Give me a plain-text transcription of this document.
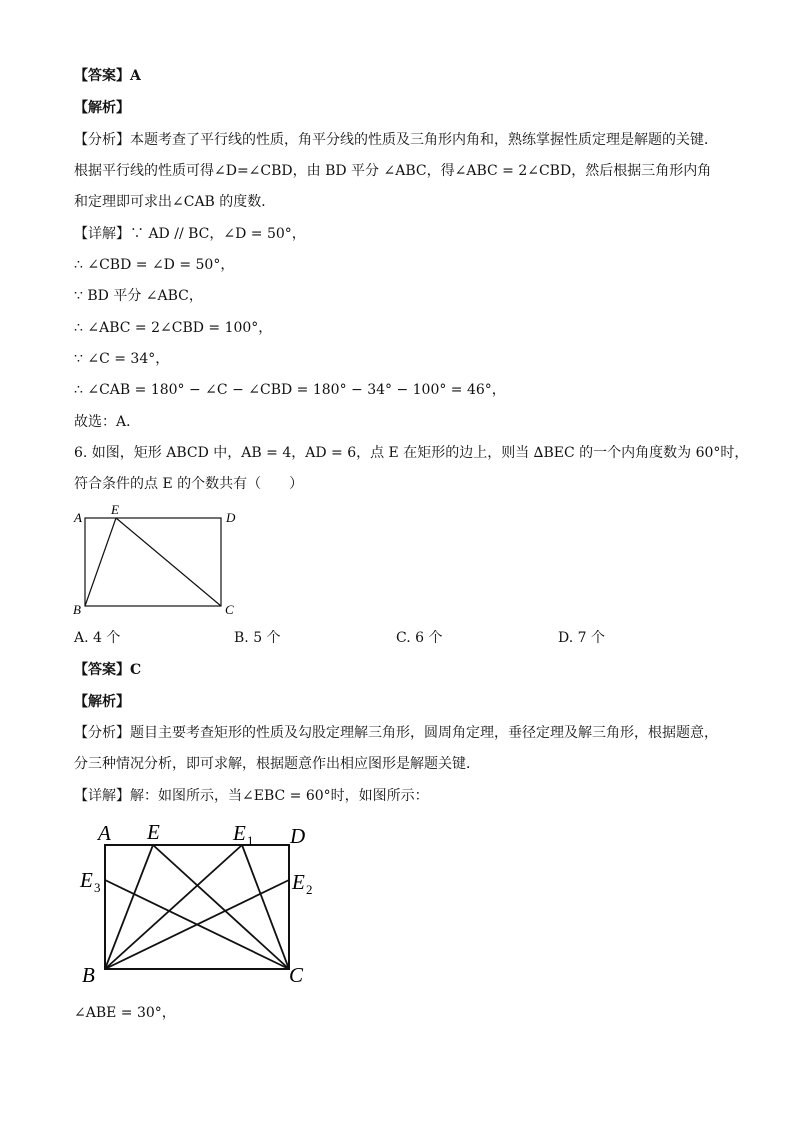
【答案】A
【解析】
【分析】本题考查了平行线的性质，角平分线的性质及三角形内角和，熟练掌握性质定理是解题的关键．
根据平行线的性质可得∠D=∠CBD，由 BD 平分 ∠ABC，得∠ABC = 2∠CBD，然后根据三角形内角
和定理即可求出∠CAB 的度数．
【详解】∵ AD // BC，∠D = 50°，
∴ ∠CBD = ∠D = 50°，
∵ BD 平分 ∠ABC，
∴ ∠ABC = 2∠CBD = 100°，
∵ ∠C = 34°，
∴ ∠CAB = 180° − ∠C − ∠CBD = 180° − 34° − 100° = 46°，
故选：A．
6. 如图，矩形 ABCD 中，AB = 4，AD = 6，点 E 在矩形的边上，则当 ∆BEC 的一个内角度数为 60°时，
符合条件的点 E 的个数共有（　　）
A
E
D
B	C
A. 4 个	B. 5 个	C. 6 个	D. 7 个
【答案】C
【解析】
【分析】题目主要考查矩形的性质及勾股定理解三角形，圆周角定理，垂径定理及解三角形，根据题意，
分三种情况分析，即可求解，根据题意作出相应图形是解题关键．
【详解】解：如图所示，当∠EBC = 60°时，如图所示：
A E	E 1 D
E 3	E 2
B	C
∠ABE = 30°，
